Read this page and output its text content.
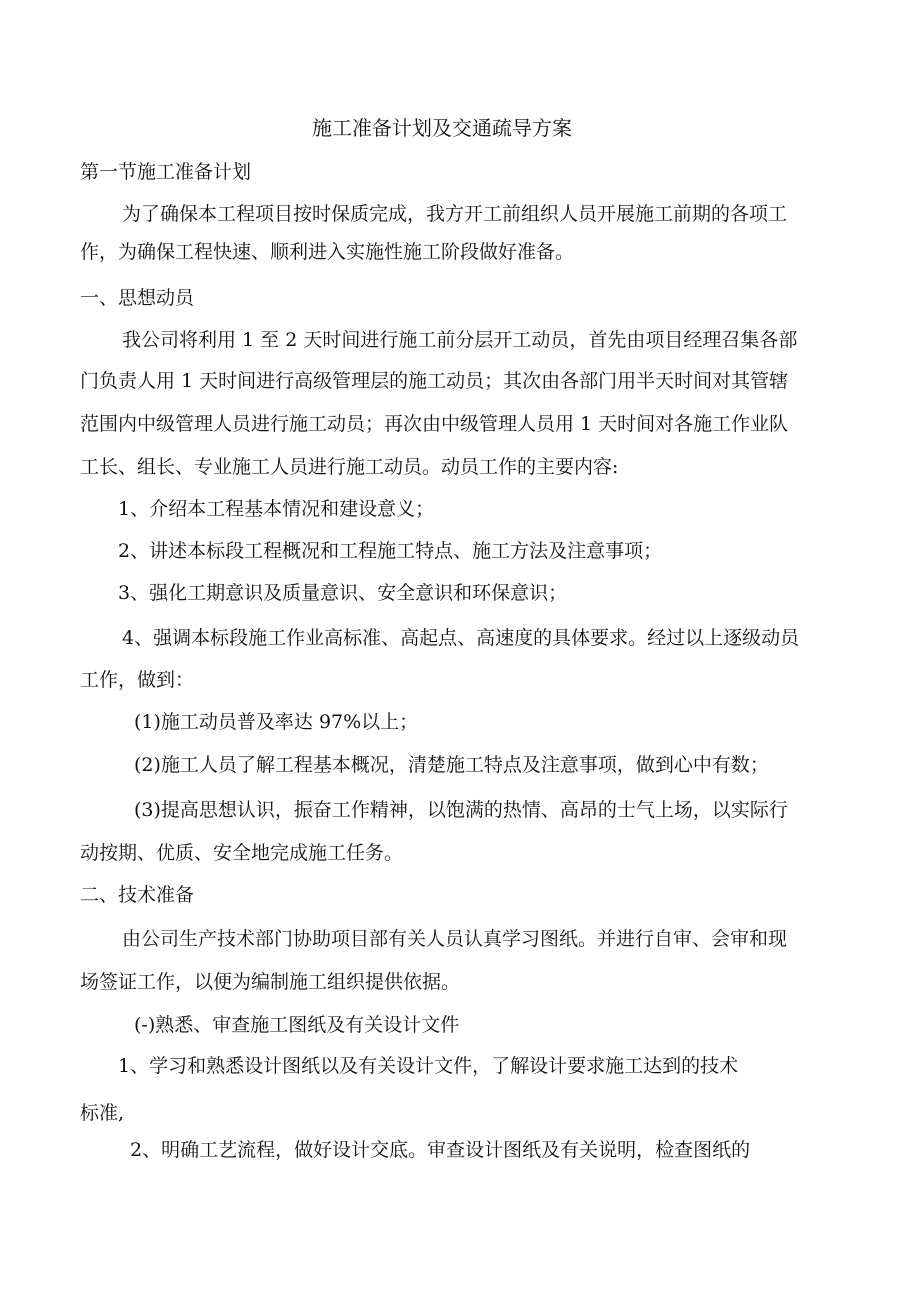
施工准备计划及交通疏导方案

第一节施工准备计划

为了确保本工程项目按时保质完成，我方开工前组织人员开展施工前期的各项工

作，为确保工程快速、顺利进入实施性施工阶段做好准备。

一、思想动员

我公司将利用 1 至 2 天时间进行施工前分层开工动员，首先由项目经理召集各部

门负责人用 1 天时间进行高级管理层的施工动员；其次由各部门用半天时间对其管辖

范围内中级管理人员进行施工动员；再次由中级管理人员用 1 天时间对各施工作业队

工长、组长、专业施工人员进行施工动员。动员工作的主要内容:

1、介绍本工程基本情况和建设意义；

2、讲述本标段工程概况和工程施工特点、施工方法及注意事项；

3、强化工期意识及质量意识、安全意识和环保意识；

4、强调本标段施工作业高标准、高起点、高速度的具体要求。经过以上逐级动员

工作，做到：

(1)施工动员普及率达 97%以上；

(2)施工人员了解工程基本概况，清楚施工特点及注意事项，做到心中有数；

(3)提高思想认识，振奋工作精神，以饱满的热情、高昂的士气上场，以实际行

动按期、优质、安全地完成施工任务。

二、技术准备

由公司生产技术部门协助项目部有关人员认真学习图纸。并进行自审、会审和现

场签证工作，以便为编制施工组织提供依据。

(-)熟悉、审查施工图纸及有关设计文件

1、学习和熟悉设计图纸以及有关设计文件，了解设计要求施工达到的技术

标准,

2、明确工艺流程，做好设计交底。审查设计图纸及有关说明，检查图纸的
